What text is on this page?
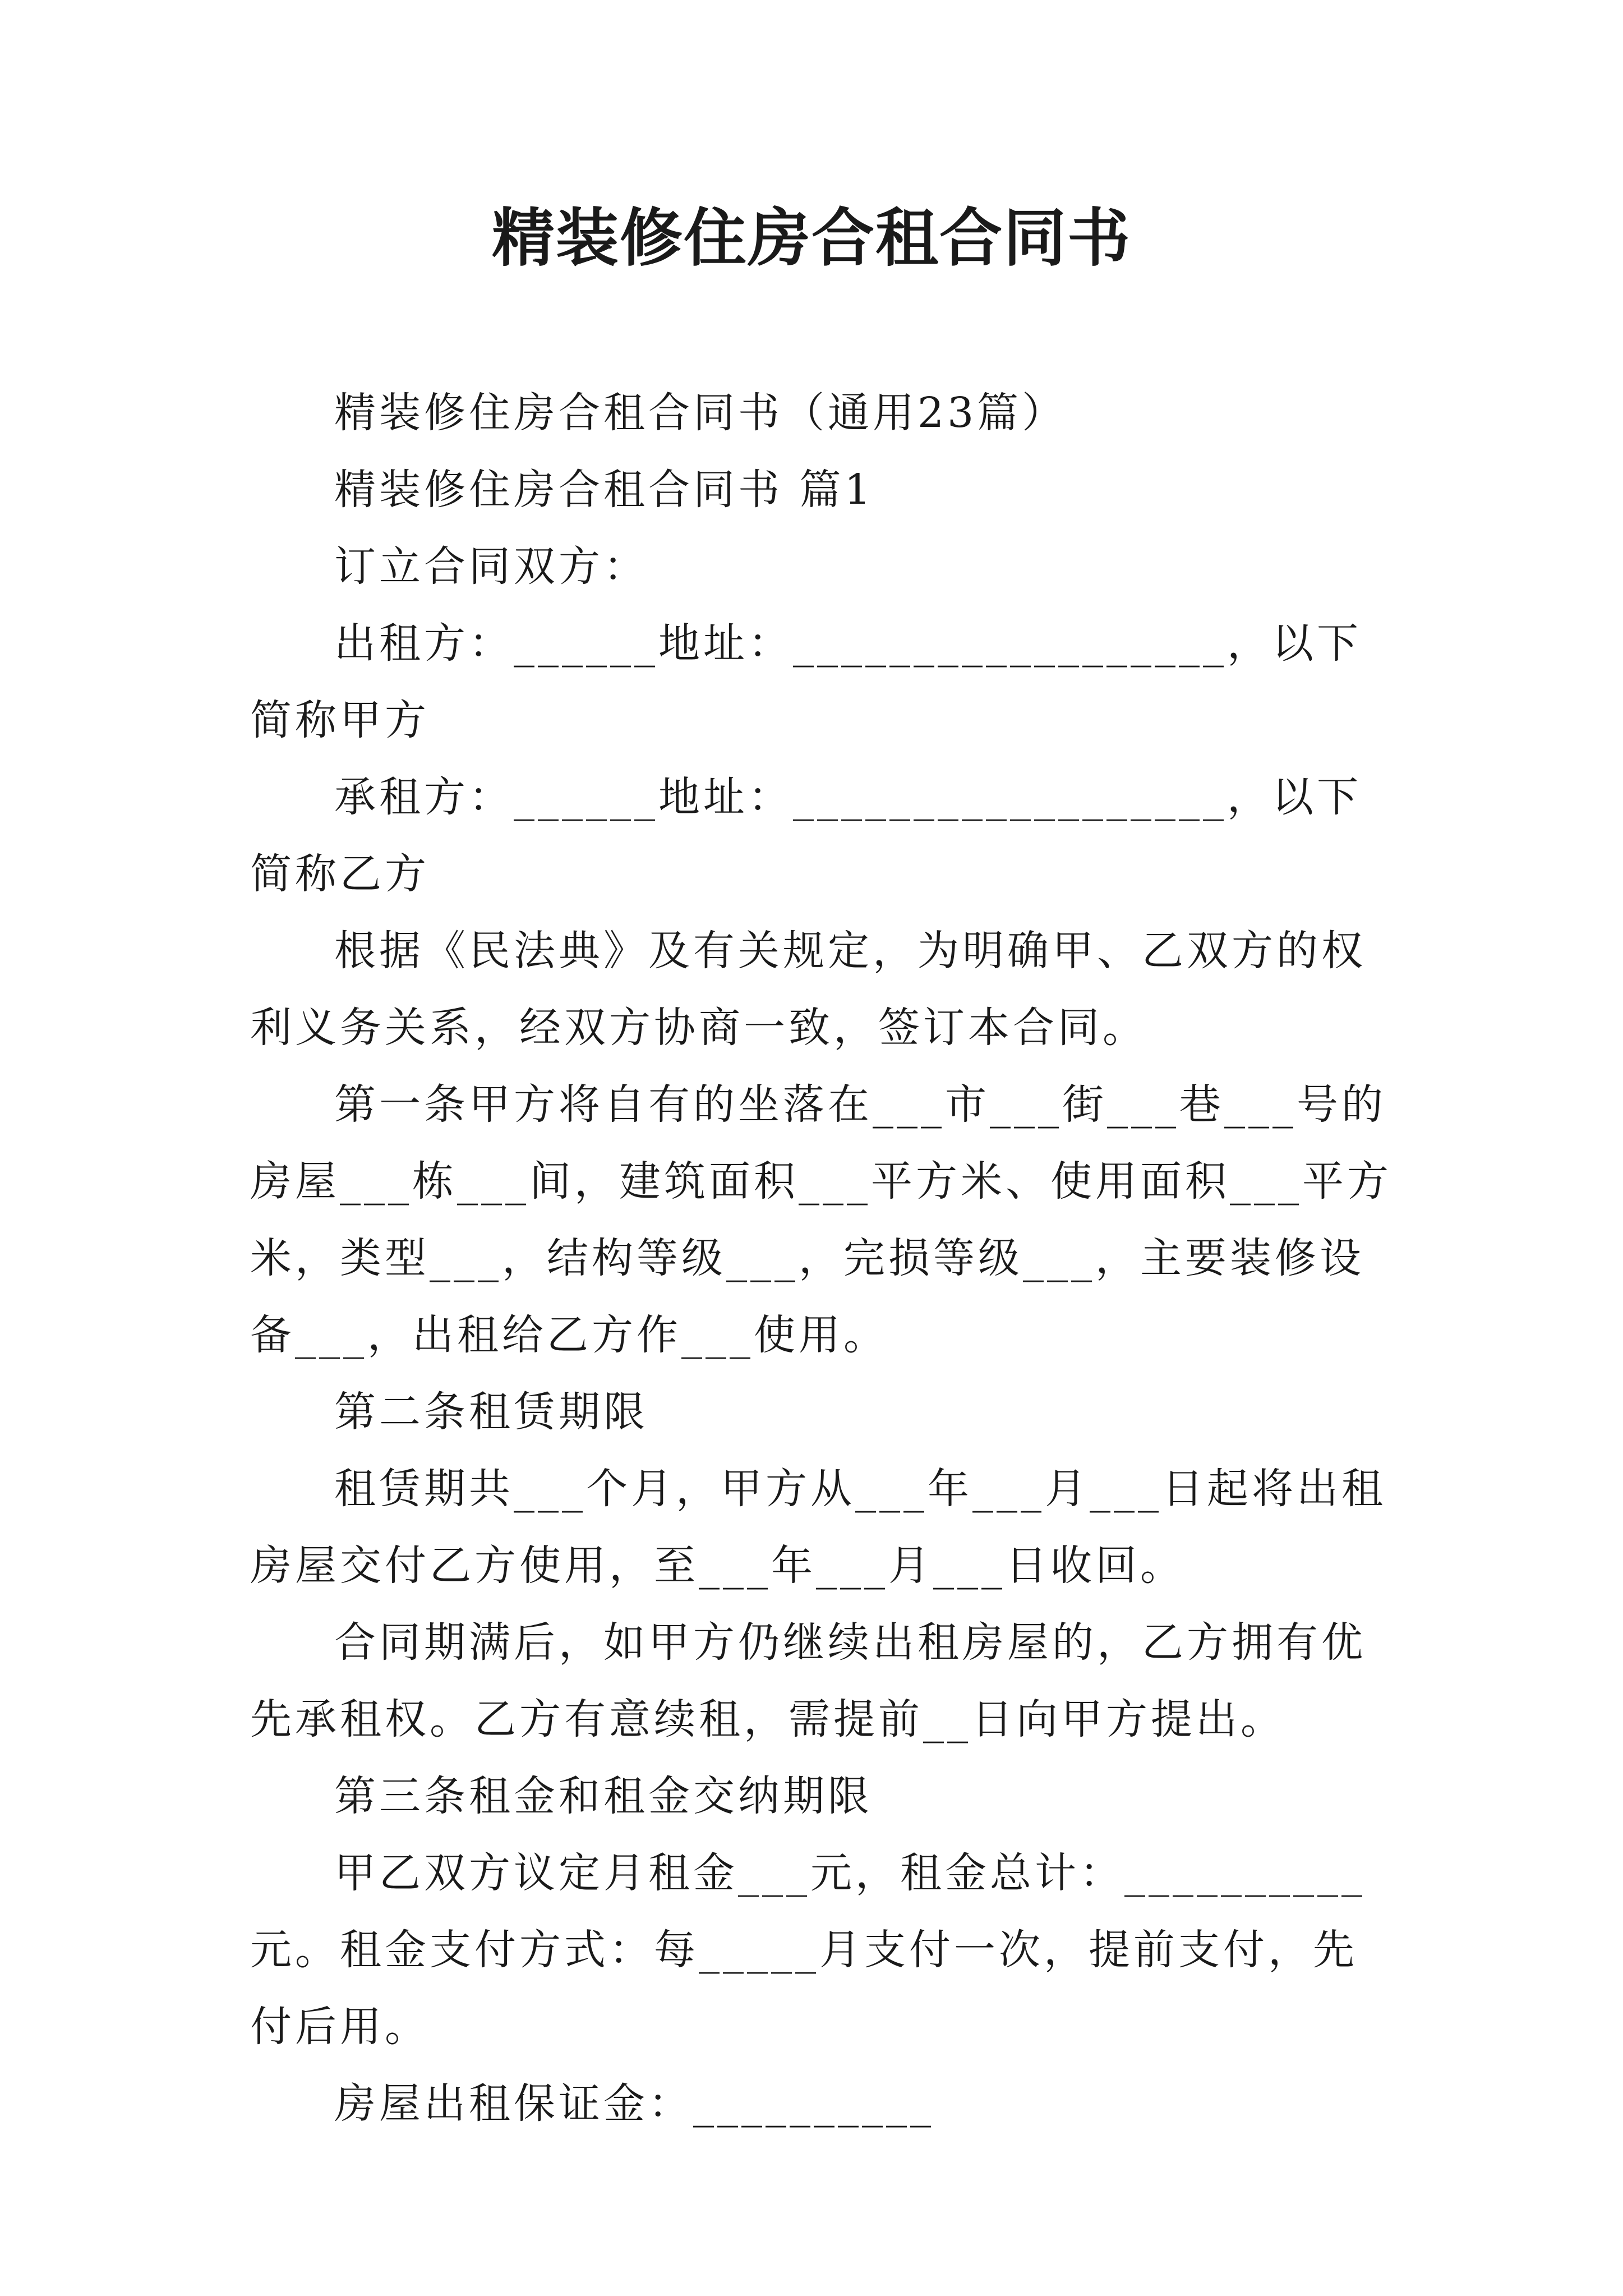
精装修住房合租合同书

精装修住房合租合同书（通用23篇）

精装修住房合租合同书 篇1

订立合同双方：

出租方：______地址：__________________，以下简称甲方

承租方：______地址：__________________，以下简称乙方

根据《民法典》及有关规定，为明确甲、乙双方的权利义务关系，经双方协商一致，签订本合同。

第一条甲方将自有的坐落在___市___街___巷___号的房屋___栋___间，建筑面积___平方米、使用面积___平方米，类型___，结构等级___，完损等级___，主要装修设备___，出租给乙方作___使用。

第二条租赁期限

租赁期共___个月，甲方从___年___月___日起将出租房屋交付乙方使用，至___年___月___日收回。

合同期满后，如甲方仍继续出租房屋的，乙方拥有优先承租权。乙方有意续租，需提前__日向甲方提出。

第三条租金和租金交纳期限

甲乙双方议定月租金___元，租金总计：__________元。租金支付方式：每_____月支付一次，提前支付，先付后用。

房屋出租保证金：__________
